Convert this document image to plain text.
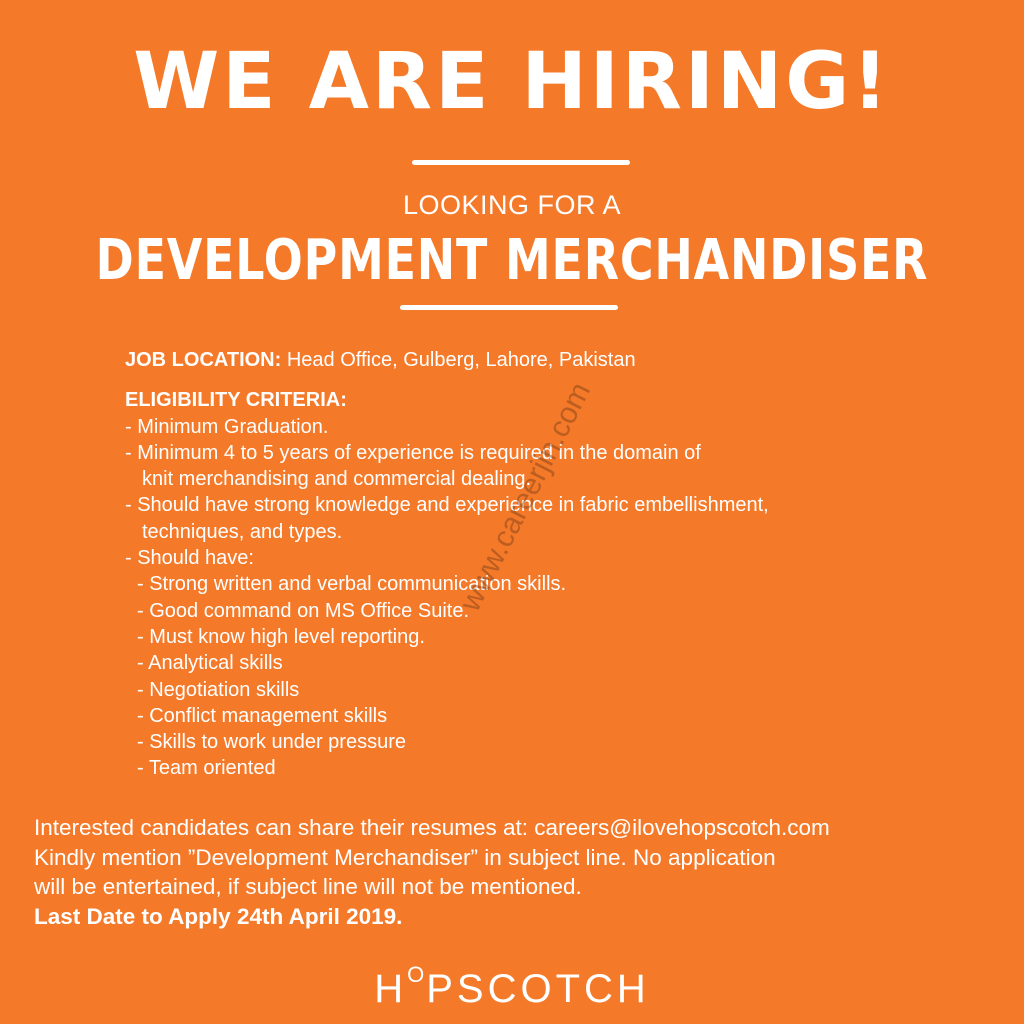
WE ARE HIRING!
LOOKING FOR A
DEVELOPMENT MERCHANDISER
JOB LOCATION: Head Office, Gulberg, Lahore, Pakistan
ELIGIBILITY CRITERIA:
- Minimum Graduation.
- Minimum 4 to 5 years of experience is required in the domain of
knit merchandising and commercial dealing.
- Should have strong knowledge and experience in fabric embellishment,
techniques, and types.
- Should have:
- Strong written and verbal communication skills.
- Good command on MS Office Suite.
- Must know high level reporting.
- Analytical skills
- Negotiation skills
- Conflict management skills
- Skills to work under pressure
- Team oriented
Interested candidates can share their resumes at: careers@ilovehopscotch.com
Kindly mention ”Development Merchandiser” in subject line. No application
will be entertained, if subject line will not be mentioned.
Last Date to Apply 24th April 2019.
$H^OPSCOTCH$
www.careerjin.com
